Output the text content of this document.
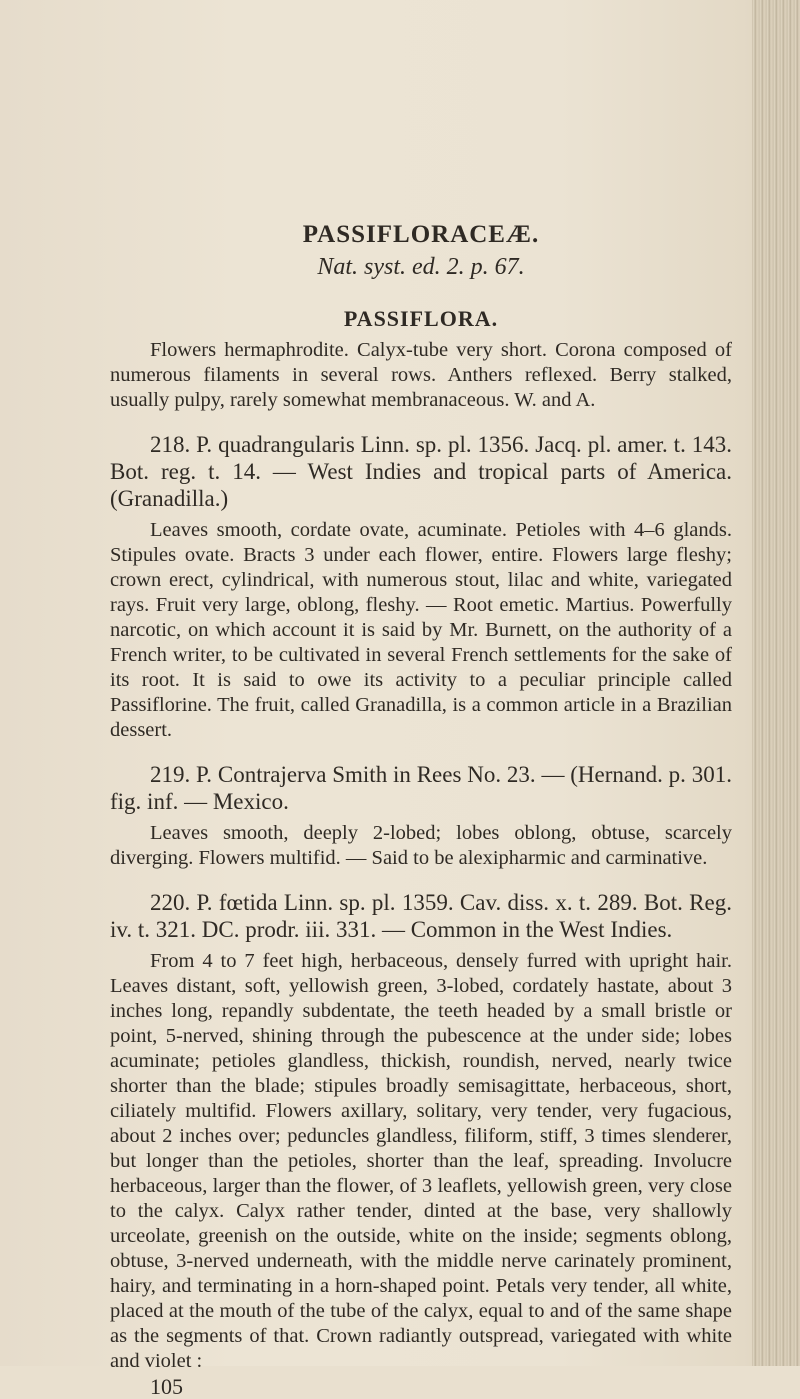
PASSIFLORACEÆ.
Nat. syst. ed. 2. p. 67.
PASSIFLORA.

Flowers hermaphrodite. Calyx-tube very short. Corona composed of numerous filaments in several rows. Anthers reflexed. Berry stalked, usually pulpy, rarely somewhat membranaceous. W. and A.

218. P. quadrangularis Linn. sp. pl. 1356. Jacq. pl. amer. t. 143. Bot. reg. t. 14. — West Indies and tropical parts of America. (Granadilla.)

Leaves smooth, cordate ovate, acuminate. Petioles with 4–6 glands. Stipules ovate. Bracts 3 under each flower, entire. Flowers large fleshy; crown erect, cylindrical, with numerous stout, lilac and white, variegated rays. Fruit very large, oblong, fleshy. — Root emetic. Martius. Powerfully narcotic, on which account it is said by Mr. Burnett, on the authority of a French writer, to be cultivated in several French settlements for the sake of its root. It is said to owe its activity to a peculiar principle called Passiflorine. The fruit, called Granadilla, is a common article in a Brazilian dessert.

219. P. Contrajerva Smith in Rees No. 23. — (Hernand. p. 301. fig. inf. — Mexico.

Leaves smooth, deeply 2-lobed; lobes oblong, obtuse, scarcely diverging. Flowers multifid. — Said to be alexipharmic and carminative.

220. P. fœtida Linn. sp. pl. 1359. Cav. diss. x. t. 289. Bot. Reg. iv. t. 321. DC. prodr. iii. 331. — Common in the West Indies.

From 4 to 7 feet high, herbaceous, densely furred with upright hair. Leaves distant, soft, yellowish green, 3-lobed, cordately hastate, about 3 inches long, repandly subdentate, the teeth headed by a small bristle or point, 5-nerved, shining through the pubescence at the under side; lobes acuminate; petioles glandless, thickish, roundish, nerved, nearly twice shorter than the blade; stipules broadly semisagittate, herbaceous, short, ciliately multifid. Flowers axillary, solitary, very tender, very fugacious, about 2 inches over; peduncles glandless, filiform, stiff, 3 times slenderer, but longer than the petioles, shorter than the leaf, spreading. Involucre herbaceous, larger than the flower, of 3 leaflets, yellowish green, very close to the calyx. Calyx rather tender, dinted at the base, very shallowly urceolate, greenish on the outside, white on the inside; segments oblong, obtuse, 3-nerved underneath, with the middle nerve carinately prominent, hairy, and terminating in a horn-shaped point. Petals very tender, all white, placed at the mouth of the tube of the calyx, equal to and of the same shape as the segments of that. Crown radiantly outspread, variegated with white and violet :

105
